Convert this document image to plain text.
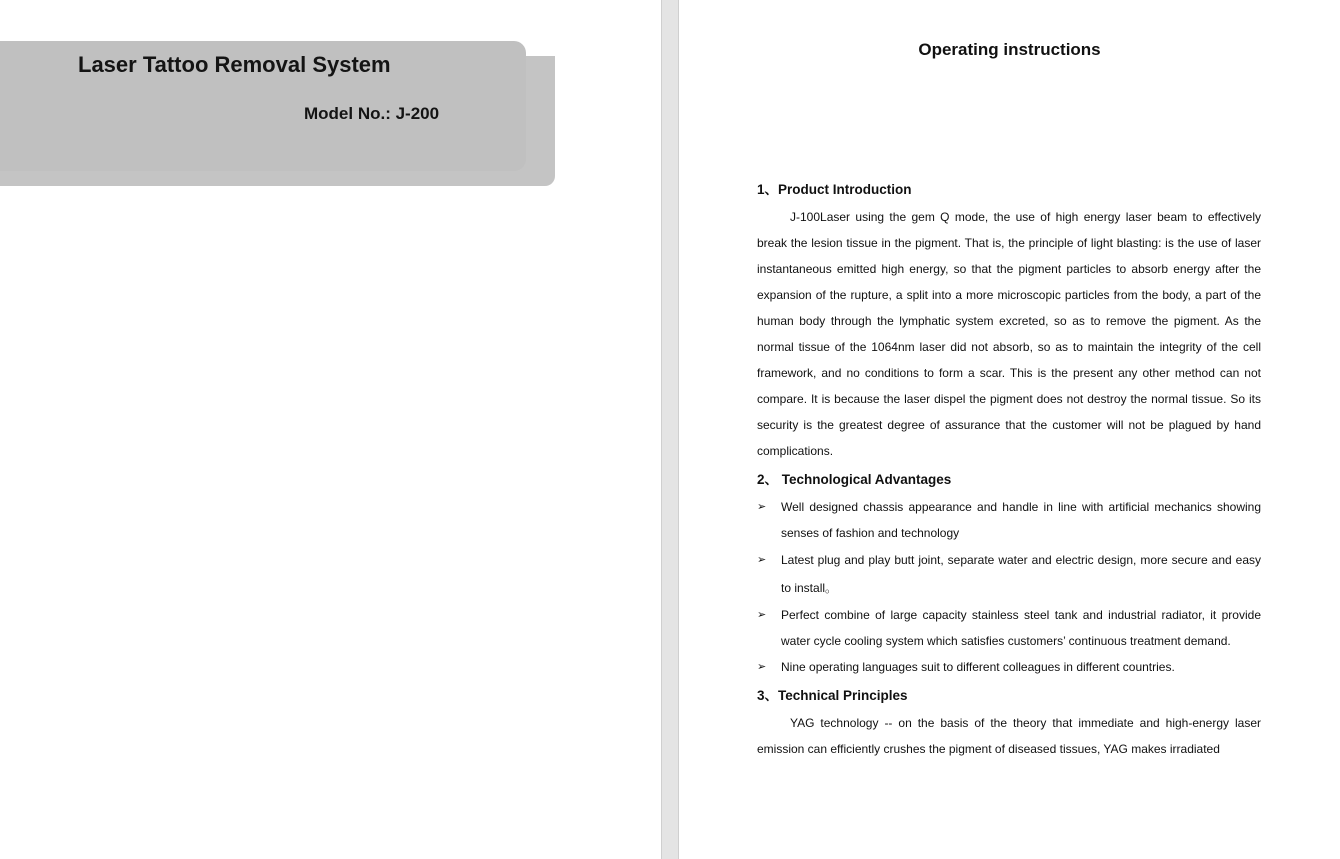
Laser Tattoo Removal System
Model No.: J-200
Operating instructions
1、Product Introduction
J-100Laser using the gem Q mode, the use of high energy laser beam to effectively break the lesion tissue in the pigment. That is, the principle of light blasting: is the use of laser instantaneous emitted high energy, so that the pigment particles to absorb energy after the expansion of the rupture, a split into a more microscopic particles from the body, a part of the human body through the lymphatic system excreted, so as to remove the pigment. As the normal tissue of the 1064nm laser did not absorb, so as to maintain the integrity of the cell framework, and no conditions to form a scar. This is the present any other method can not compare. It is because the laser dispel the pigment does not destroy the normal tissue. So its security is the greatest degree of assurance that the customer will not be plagued by hand complications.
2、 Technological Advantages
➢ Well designed chassis appearance and handle in line with artificial mechanics showing senses of fashion and technology
➢ Latest plug and play butt joint, separate water and electric design, more secure and easy to install。
➢ Perfect combine of large capacity stainless steel tank and industrial radiator, it provide water cycle cooling system which satisfies customers’ continuous treatment demand.
➢ Nine operating languages suit to different colleagues in different countries.
3、Technical Principles
YAG technology -- on the basis of the theory that immediate and high-energy laser emission can efficiently crushes the pigment of diseased tissues, YAG makes irradiated
